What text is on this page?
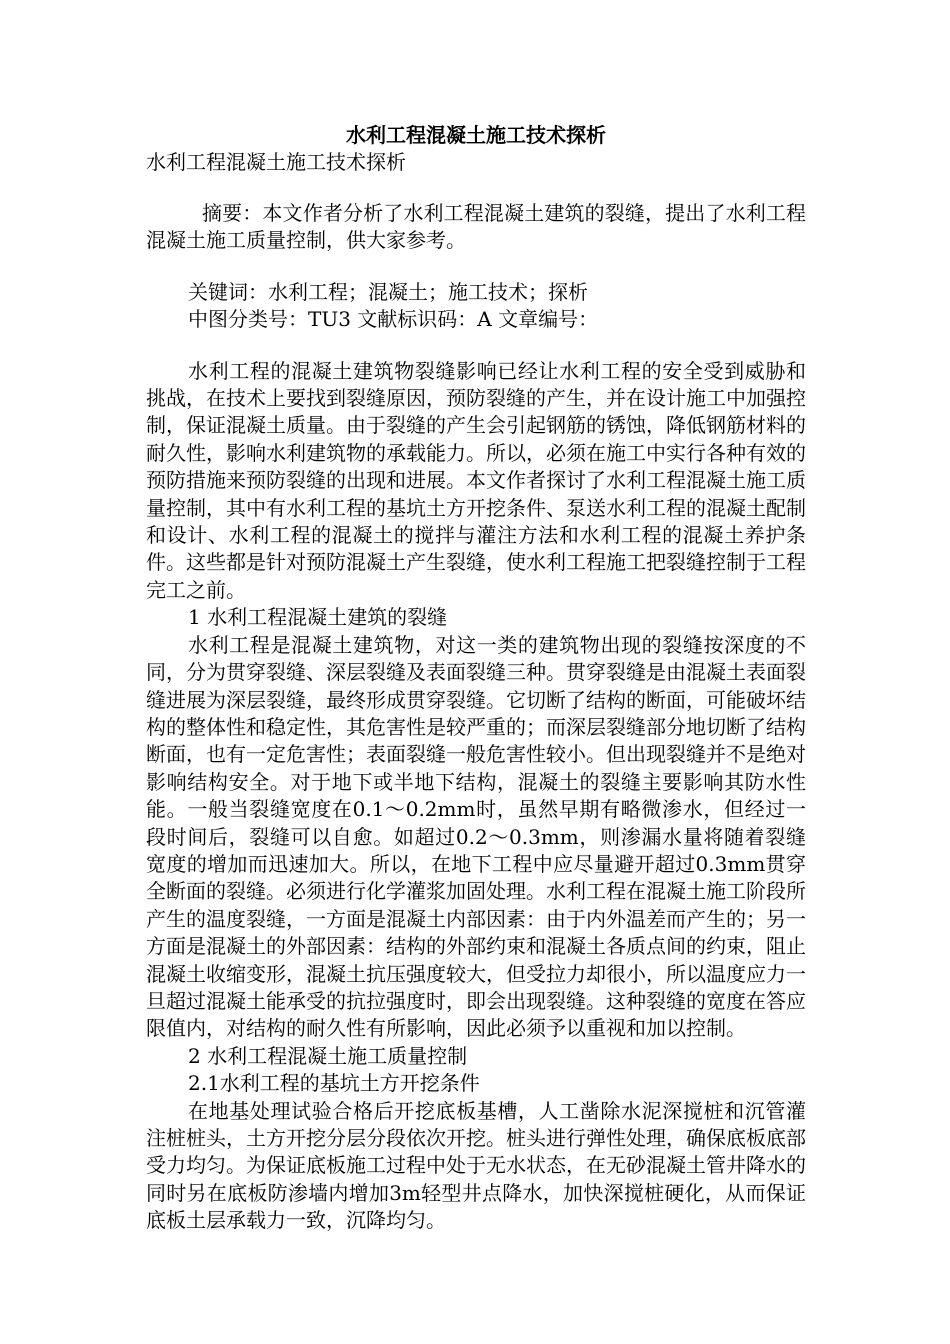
水利工程混凝土施工技术探析
水利工程混凝土施工技术探析

摘要：本文作者分析了水利工程混凝土建筑的裂缝，提出了水利工程混凝土施工质量控制，供大家参考。

关键词：水利工程；混凝土；施工技术；探析

中图分类号：TU3 文献标识码：A 文章编号：

水利工程的混凝土建筑物裂缝影响已经让水利工程的安全受到威胁和挑战，在技术上要找到裂缝原因，预防裂缝的产生，并在设计施工中加强控制，保证混凝土质量。由于裂缝的产生会引起钢筋的锈蚀，降低钢筋材料的耐久性，影响水利建筑物的承载能力。所以，必须在施工中实行各种有效的预防措施来预防裂缝的出现和进展。本文作者探讨了水利工程混凝土施工质量控制，其中有水利工程的基坑土方开挖条件、泵送水利工程的混凝土配制和设计、水利工程的混凝土的搅拌与灌注方法和水利工程的混凝土养护条件。这些都是针对预防混凝土产生裂缝，使水利工程施工把裂缝控制于工程完工之前。

1 水利工程混凝土建筑的裂缝

水利工程是混凝土建筑物，对这一类的建筑物出现的裂缝按深度的不同，分为贯穿裂缝、深层裂缝及表面裂缝三种。贯穿裂缝是由混凝土表面裂缝进展为深层裂缝，最终形成贯穿裂缝。它切断了结构的断面，可能破坏结构的整体性和稳定性，其危害性是较严重的；而深层裂缝部分地切断了结构断面，也有一定危害性；表面裂缝一般危害性较小。但出现裂缝并不是绝对影响结构安全。对于地下或半地下结构，混凝土的裂缝主要影响其防水性能。一般当裂缝宽度在0.1～0.2mm时，虽然早期有略微渗水，但经过一段时间后，裂缝可以自愈。如超过0.2～0.3mm，则渗漏水量将随着裂缝宽度的增加而迅速加大。所以，在地下工程中应尽量避开超过0.3mm贯穿全断面的裂缝。必须进行化学灌浆加固处理。水利工程在混凝土施工阶段所产生的温度裂缝，一方面是混凝土内部因素：由于内外温差而产生的；另一方面是混凝土的外部因素：结构的外部约束和混凝土各质点间的约束，阻止混凝土收缩变形，混凝土抗压强度较大，但受拉力却很小，所以温度应力一旦超过混凝土能承受的抗拉强度时，即会出现裂缝。这种裂缝的宽度在答应限值内，对结构的耐久性有所影响，因此必须予以重视和加以控制。

2 水利工程混凝土施工质量控制

2.1水利工程的基坑土方开挖条件

在地基处理试验合格后开挖底板基槽，人工凿除水泥深搅桩和沉管灌注桩桩头，土方开挖分层分段依次开挖。桩头进行弹性处理，确保底板底部受力均匀。为保证底板施工过程中处于无水状态，在无砂混凝土管井降水的同时另在底板防渗墙内增加3m轻型井点降水，加快深搅桩硬化，从而保证底板土层承载力一致，沉降均匀。
